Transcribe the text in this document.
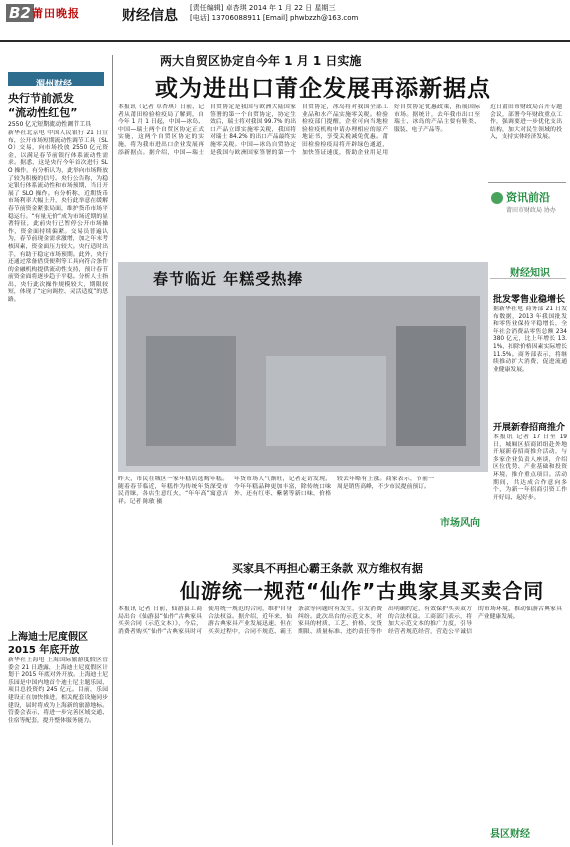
B2 莆田晚报	财经信息 [责任编辑] 卓杏琪 2014 年 1 月 22 日 星期三
[电话] 13706088911 [Email] phwbzzh@163.com
湄州财经
央行节前派发
“流动性红包”
2550 亿元短期流动性调节工具
新华社北京电 中国人民银行 21 日宣布，公开市场短期流动性调节工具（SLO）交易，向市场投放 2550 亿元资金，以满足春节前银行体系流动性需求。据悉，这是央行今年首次进行 SLO 操作，有分析认为，此举向市场释放了较为积极的信号。央行公告称，为稳定银行体系流动性和市场预期，当日开展了 SLO 操作。有分析称，近期货币市场利率大幅上升，央行此举意在缓解春节前资金紧张局面，维护货币市场平稳运行。“有量无价”成为市场近期的显著特征，此前央行已暂停公开市场操作，资金面持续偏紧。交易员普遍认为，春节前现金需求激增，加之年末考核因素，资金面压力较大。央行适时出手，有助于稳定市场预期。此外，央行还通过常备借贷便利等工具向符合条件的金融机构提供流动性支持，预计春节前资金面将逐步趋于平稳。分析人士指出，央行此次操作规模较大，期限较短，体现了“定向调控、灵活适度”的思路。
上海迪士尼度假区
2015 年底开放
新华社上海电 上海国际旅游度假区管委会 21 日透露，上海迪士尼度假区计划于 2015 年底对外开放。上海迪士尼乐园是中国内地首个迪士尼主题乐园，项目总投资约 245 亿元。目前，乐园建设正在加快推进，相关配套设施同步建设，届时将成为上海新的旅游地标。管委会表示，将进一步完善区域交通、住宿等配套，提升整体服务能力。
两大自贸区协定自今年 1 月 1 日实施
或为进出口莆企发展再添新据点
本报讯（记者 卓杏琪）日前，记者从莆田检验检疫局了解到，自今年 1 月 1 日起，中国—冰岛、中国—瑞士两个自贸区协定正式实施，这两个自贸区协定的实施，将为我市进出口企业发展再添新据点。据介绍，中国—瑞士自贸协定是我国与欧洲大陆国家签署的第一个自贸协定，协定生效后，瑞士将对我国 99.7% 的出口产品立即实施零关税，我国将对瑞士 84.2% 的出口产品最终实施零关税。中国—冰岛自贸协定是我国与欧洲国家签署的第一个自贸协定，冰岛将对我国全部工业品和水产品实施零关税。检验检疫部门提醒，企业可向当地检验检疫机构申请办理相应的原产地证书，享受关税减免优惠。莆田检验检疫局将开辟绿色通道，加快签证速度，帮助企业用足用好自贸协定优惠政策，拓展国际市场。据统计，去年我市出口至瑞士、冰岛的产品主要有鞋类、服装、电子产品等。
近日莆田市财政局召开专题会议，部署今年财政重点工作，强调要进一步优化支出结构，加大对民生领域的投入，支持实体经济发展。
资讯前沿
莆田市财政局 协办
春节临近 年糕受热捧
昨天，市民在城区一家年糕店选购年糕。随着春节临近，年糕作为传统年货深受市民青睐，各店生意红火，“年年高”寓意吉祥。记者 陈敏 摄
年货市场人气渐旺，记者走访发现，今年年糕品种更加丰富，除传统口味外，还有红枣、紫薯等新口味，价格较去年略有上涨。商家表示，节前一周是销售高峰，不少市民提前预订。
市场风向
财经知识
批发零售业稳增长
据新华社电 商务部 21 日发布数据，2013 年我国批发和零售业保持平稳增长，全年社会消费品零售总额 234380 亿元，比上年增长 13.1%，扣除价格因素实际增长 11.5%。商务部表示，将继续推动扩大消费，促进流通业健康发展。
开展新春招商推介
本报讯 记者 17 日至 19 日，城厢区招商团组赴外地开展新春招商推介活动，与多家企业负责人座谈，介绍区位优势、产业基础和投资环境，推介重点项目。活动期间，共达成合作意向多个，为新一年招商引资工作开好局、起好步。
买家具不再担心霸王条款 双方维权有据
仙游统一规范“仙作”古典家具买卖合同
本报讯 记者 日前，仙游县工商局出台《仙游县“仙作”古典家具买卖合同（示范文本）》，今后，消费者购买“仙作”古典家具时可使用统一规范的合同，维护自身合法权益。据介绍，近年来，仙游古典家具产业发展迅速，但在买卖过程中，合同不规范、霸王条款等问题时有发生，引发消费纠纷。此次出台的示范文本，对家具的材质、工艺、价格、交货期限、质量标准、违约责任等作出明确约定，有效保护买卖双方的合法权益。工商部门表示，将加大示范文本的推广力度，引导经营者规范经营，营造公平诚信的市场环境，推动仙游古典家具产业健康发展。
县区财经
